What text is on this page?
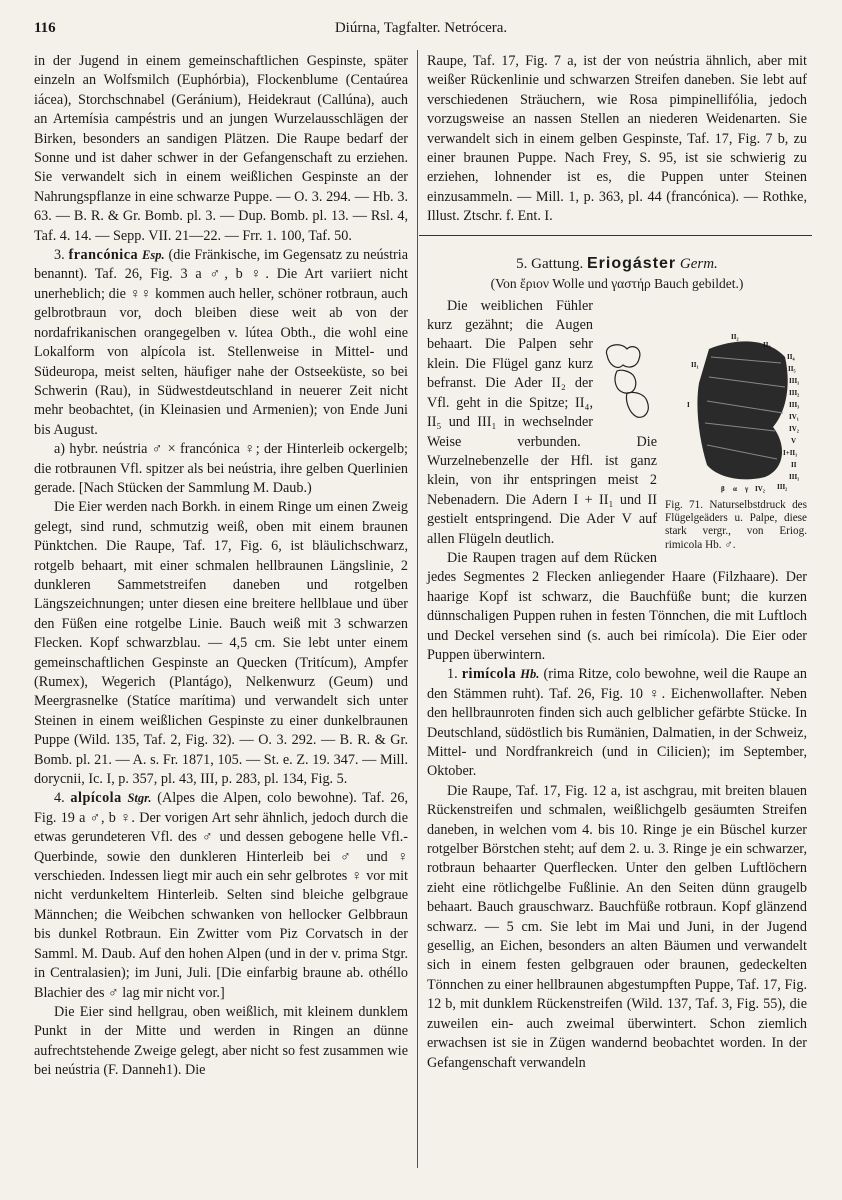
116	Diúrna, Tagfalter. Netrócera.

in der Jugend in einem gemeinschaftlichen Gespinste, später einzeln an Wolfsmilch (Euphórbia), Flockenblume (Centaúrea iácea), Storchschnabel (Geránium), Heidekraut (Callúna), auch an Artemísia campéstris und an jungen Wurzelausschlägen der Birken, besonders an sandigen Plätzen. Die Raupe bedarf der Sonne und ist daher schwer in der Gefangenschaft zu erziehen. Sie verwandelt sich in einem weißlichen Gespinste an der Nahrungspflanze in eine schwarze Puppe. — O. 3. 294. — Hb. 3. 63. — B. R. & Gr. Bomb. pl. 3. — Dup. Bomb. pl. 13. — Rsl. 4, Taf. 4. 14. — Sepp. VII. 21—22. — Frr. 1. 100, Taf. 50.

3. francónica Esp. (die Fränkische, im Gegensatz zu neústria benannt). Taf. 26, Fig. 3 a ♂, b ♀. Die Art variiert nicht unerheblich; die ♀♀ kommen auch heller, schöner rotbraun, auch gelbrotbraun vor, doch bleiben diese weit ab von der nordafrikanischen orangegelben v. lútea Obth., die wohl eine Lokalform von alpícola ist. Stellenweise in Mittel- und Südeuropa, meist selten, häufiger nahe der Ostseeküste, so bei Schwerin (Rau), in Südwestdeutschland in neuerer Zeit nicht mehr beobachtet, (in Kleinasien und Armenien); von Ende Juni bis August.

a) hybr. neústria ♂ × francónica ♀; der Hinterleib ockergelb; die rotbraunen Vfl. spitzer als bei neústria, ihre gelben Querlinien gerade. [Nach Stücken der Sammlung M. Daub.)

Die Eier werden nach Borkh. in einem Ringe um einen Zweig gelegt, sind rund, schmutzig weiß, oben mit einem braunen Pünktchen. Die Raupe, Taf. 17, Fig. 6, ist bläulichschwarz, rotgelb behaart, mit einer schmalen hellbraunen Längslinie, 2 dunkleren Sammetstreifen daneben und rotgelben Längszeichnungen; unter diesen eine breitere hellblaue und über den Füßen eine rotgelbe Linie. Bauch weiß mit 3 schwarzen Flecken. Kopf schwarzblau. — 4,5 cm. Sie lebt unter einem gemeinschaftlichen Gespinste an Quecken (Tritícum), Ampfer (Rumex), Wegerich (Plantágo), Nelkenwurz (Geum) und Meergrasnelke (Statíce marítima) und verwandelt sich unter Steinen in einem weißlichen Gespinste zu einer dunkelbraunen Puppe (Wild. 135, Taf. 2, Fig. 32). — O. 3. 292. — B. R. & Gr. Bomb. pl. 21. — A. s. Fr. 1871, 105. — St. e. Z. 19. 347. — Mill. dorycnii, Ic. I, p. 357, pl. 43, III, p. 283, pl. 134, Fig. 5.

4. alpícola Stgr. (Alpes die Alpen, colo bewohne). Taf. 26, Fig. 19 a ♂, b ♀. Der vorigen Art sehr ähnlich, jedoch durch die etwas gerundeteren Vfl. des ♂ und dessen gebogene helle Vfl.-Querbinde, sowie den dunkleren Hinterleib bei ♂ und ♀ verschieden. Indessen liegt mir auch ein sehr gelbrotes ♀ vor mit nicht verdunkeltem Hinterleib. Selten sind bleiche gelbgraue Männchen; die Weibchen schwanken von hellocker Gelbbraun bis dunkel Rotbraun. Ein Zwitter vom Piz Corvatsch in der Samml. M. Daub. Auf den hohen Alpen (und in der v. prima Stgr. in Centralasien); im Juni, Juli. [Die einfarbig braune ab. othéllo Blachier des ♂ lag mir nicht vor.]

Die Eier sind hellgrau, oben weißlich, mit kleinem dunklem Punkt in der Mitte und werden in Ringen an dünne aufrechtstehende Zweige gelegt, aber nicht so fest zusammen wie bei neústria (F. Danneh1). Die

Raupe, Taf. 17, Fig. 7 a, ist der von neústria ähnlich, aber mit weißer Rückenlinie und schwarzen Streifen daneben. Sie lebt auf verschiedenen Sträuchern, wie Rosa pimpinellifólia, jedoch vorzugsweise an nassen Stellen an niederen Weidenarten. Sie verwandelt sich in einem gelben Gespinste, Taf. 17, Fig. 7 b, zu einer braunen Puppe. Nach Frey, S. 95, ist sie schwierig zu erziehen, lohnender ist es, die Puppen unter Steinen einzusammeln. — Mill. 1, p. 363, pl. 44 (francónica). — Rothke, Illust. Ztschr. f. Ent. I.

5. Gattung. Eriogáster Germ.
(Von ἔριον Wolle und γαστήρ Bauch gebildet.)
II₂
II₃
II₁
II₄
II₅
III₁
I
III₂
III₃
IV₁
IV₂
V
I+II₁
II
III₁
III₂
β α γ IV₂
Fig. 71. Naturselbstdruck des Flügelgeäders u. Palpe, diese stark vergr., von Eriog. rimicola Hb. ♂.

Die weiblichen Fühler kurz gezähnt; die Augen behaart. Die Palpen sehr klein. Die Flügel ganz kurz befranst. Die Ader II₂ der Vfl. geht in die Spitze; II₄, II₅ und III₁ in wechselnder Weise verbunden. Die Wurzelnebenzelle der Hfl. ist ganz klein, von ihr entspringen meist 2 Nebenadern. Die Adern I + II₁ und II gestielt entspringend. Die Ader V auf allen Flügeln deutlich.

Die Raupen tragen auf dem Rücken jedes Segmentes 2 Flecken anliegender Haare (Filzhaare). Der haarige Kopf ist schwarz, die Bauchfüße bunt; die kurzen dünnschaligen Puppen ruhen in festen Tönnchen, die mit Luftloch und Deckel versehen sind (s. auch bei rimícola). Die Eier oder Puppen überwintern.

1. rimícola Hb. (rima Ritze, colo bewohne, weil die Raupe an den Stämmen ruht). Taf. 26, Fig. 10 ♀. Eichenwollafter. Neben den hellbraunroten finden sich auch gelblicher gefärbte Stücke. In Deutschland, südöstlich bis Rumänien, Dalmatien, in der Schweiz, Mittel- und Nordfrankreich (und in Cilicien); im September, Oktober.

Die Raupe, Taf. 17, Fig. 12 a, ist aschgrau, mit breiten blauen Rückenstreifen und schmalen, weißlichgelb gesäumten Streifen daneben, in welchen vom 4. bis 10. Ringe je ein Büschel kurzer rotgelber Börstchen steht; auf dem 2. u. 3. Ringe je ein schwarzer, rotbraun behaarter Querflecken. Unter den gelben Luftlöchern zieht eine rötlichgelbe Fußlinie. An den Seiten dünn graugelb behaart. Bauch grauschwarz. Bauchfüße rotbraun. Kopf glänzend schwarz. — 5 cm. Sie lebt im Mai und Juni, in der Jugend gesellig, an Eichen, besonders an alten Bäumen und verwandelt sich in einem festen gelbgrauen oder braunen, gedeckelten Tönnchen zu einer hellbraunen abgestumpften Puppe, Taf. 17, Fig. 12 b, mit dunklem Rückenstreifen (Wild. 137, Taf. 3, Fig. 55), die zuweilen ein- auch zweimal überwintert. Schon ziemlich erwachsen ist sie in Zügen wandernd beobachtet worden. In der Gefangenschaft verwandeln
